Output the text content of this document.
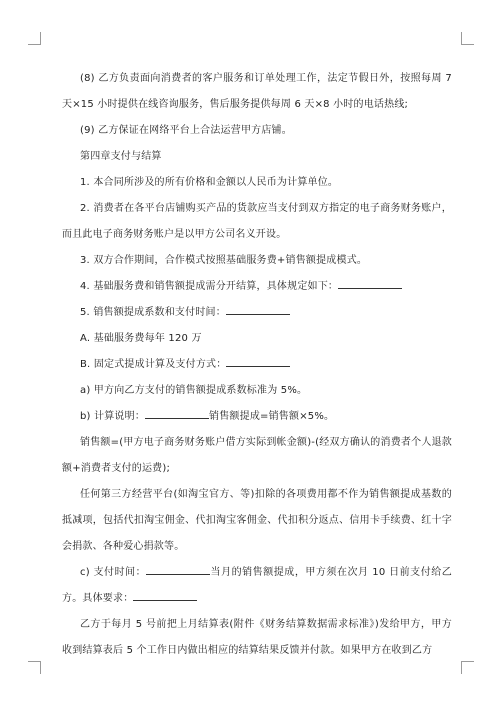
(8) 乙方负责面向消费者的客户服务和订单处理工作，法定节假日外，按照每周 7 天×15 小时提供在线咨询服务，售后服务提供每周 6 天×8 小时的电话热线;

(9) 乙方保证在网络平台上合法运营甲方店铺。

第四章支付与结算

1. 本合同所涉及的所有价格和金额以人民币为计算单位。

2. 消费者在各平台店铺购买产品的货款应当支付到双方指定的电子商务财务账户，而且此电子商务财务账户是以甲方公司名义开设。

3. 双方合作期间，合作模式按照基础服务费+销售额提成模式。

4. 基础服务费和销售额提成需分开结算，具体规定如下：

5. 销售额提成系数和支付时间：

A. 基础服务费每年 120 万

B. 固定式提成计算及支付方式：

a) 甲方向乙方支付的销售额提成系数标准为 5%。

b) 计算说明：	销售额提成=销售额×5%。

销售额=(甲方电子商务财务账户借方实际到帐金额)-(经双方确认的消费者个人退款额+消费者支付的运费);

任何第三方经营平台(如淘宝官方、等)扣除的各项费用都不作为销售额提成基数的抵减项，包括代扣淘宝佣金、代扣淘宝客佣金、代扣积分返点、信用卡手续费、红十字会捐款、各种爱心捐款等。

c) 支付时间：	当月的销售额提成，甲方须在次月 10 日前支付给乙方。具体要求：

乙方于每月 5 号前把上月结算表(附件《财务结算数据需求标准》)发给甲方，甲方收到结算表后 5 个工作日内做出相应的结算结果反馈并付款。如果甲方在收到乙方
